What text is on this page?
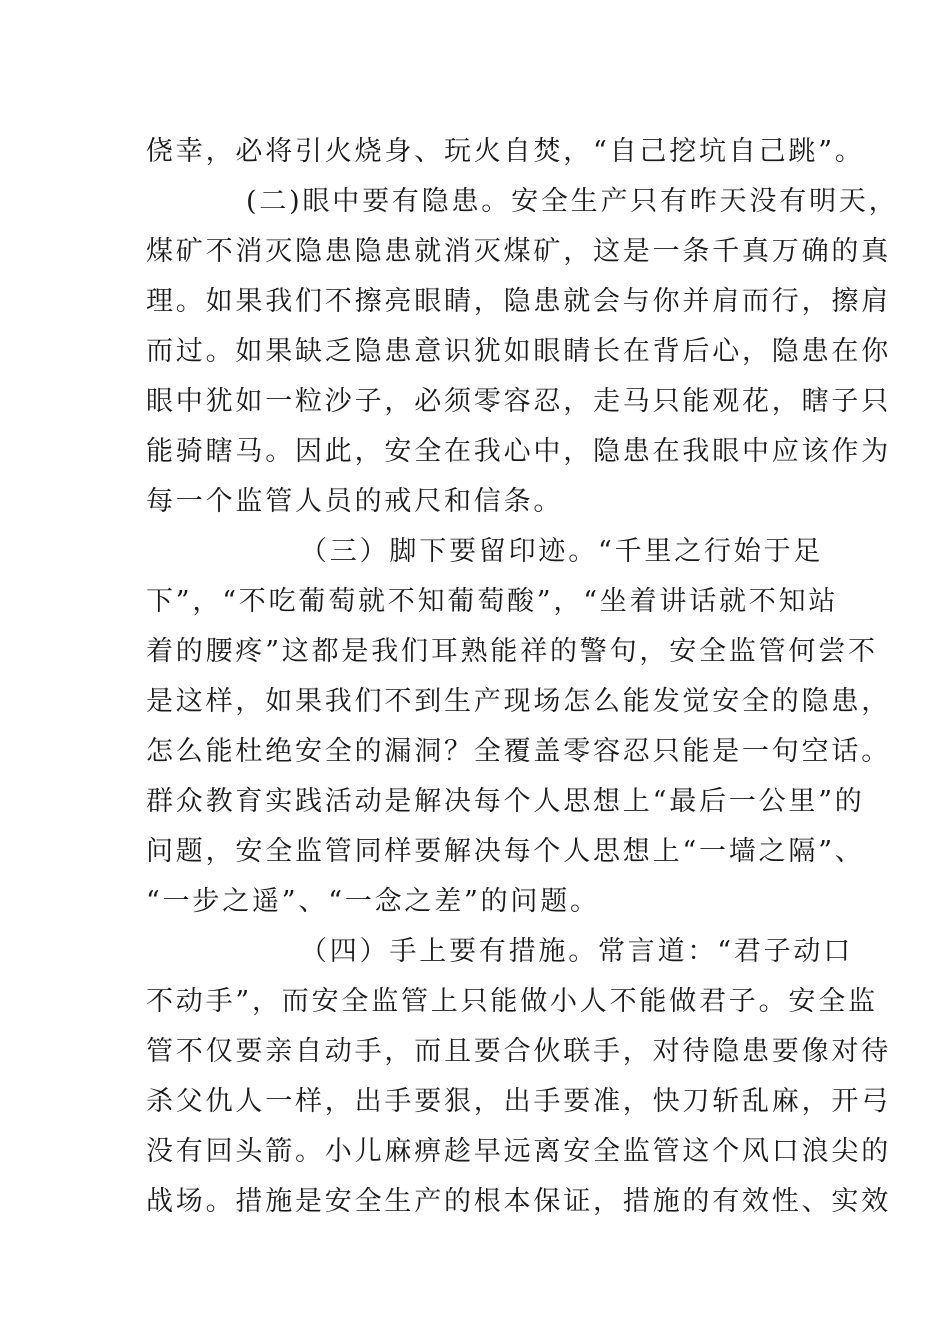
侥幸，必将引火烧身、玩火自焚，“自己挖坑自己跳”。
(二)眼中要有隐患。安全生产只有昨天没有明天，
煤矿不消灭隐患隐患就消灭煤矿，这是一条千真万确的真
理。如果我们不擦亮眼睛，隐患就会与你并肩而行，擦肩
而过。如果缺乏隐患意识犹如眼睛长在背后心，隐患在你
眼中犹如一粒沙子，必须零容忍，走马只能观花，瞎子只
能骑瞎马。因此，安全在我心中，隐患在我眼中应该作为
每一个监管人员的戒尺和信条。
（三）脚下要留印迹。“千里之行始于足
下”，“不吃葡萄就不知葡萄酸”，“坐着讲话就不知站
着的腰疼”这都是我们耳熟能祥的警句，安全监管何尝不
是这样，如果我们不到生产现场怎么能发觉安全的隐患，
怎么能杜绝安全的漏洞？全覆盖零容忍只能是一句空话。
群众教育实践活动是解决每个人思想上“最后一公里”的
问题，安全监管同样要解决每个人思想上“一墙之隔”、
“一步之遥”、“一念之差”的问题。
（四）手上要有措施。常言道：“君子动口
不动手”，而安全监管上只能做小人不能做君子。安全监
管不仅要亲自动手，而且要合伙联手，对待隐患要像对待
杀父仇人一样，出手要狠，出手要准，快刀斩乱麻，开弓
没有回头箭。小儿麻痹趁早远离安全监管这个风口浪尖的
战场。措施是安全生产的根本保证，措施的有效性、实效
